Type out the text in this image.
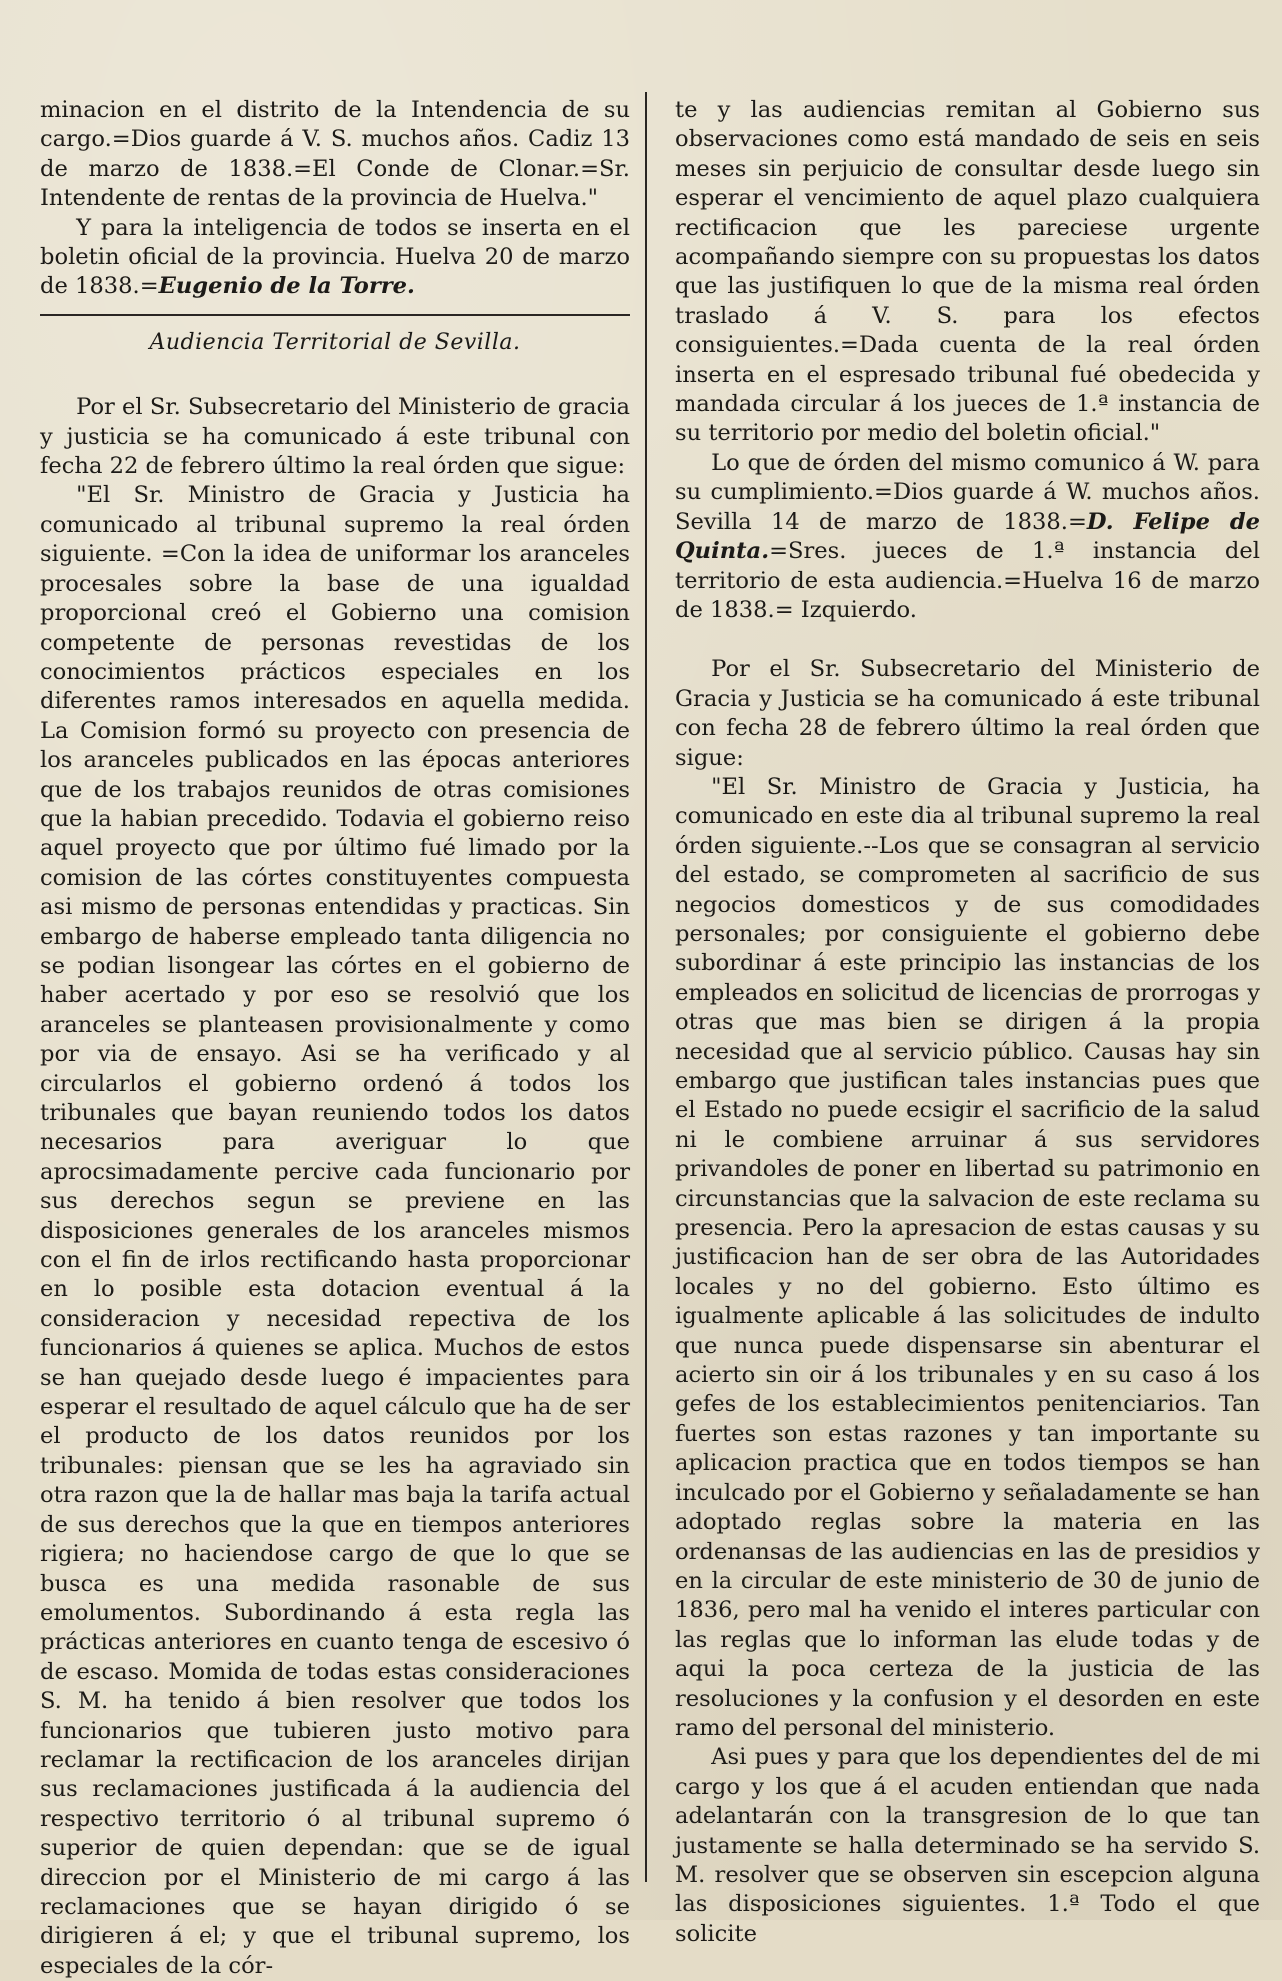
minacion en el distrito de la Intendencia de su cargo.=Dios guarde á V. S. muchos años. Cadiz 13 de marzo de 1838.=El Conde de Clonar.=Sr. Intendente de rentas de la provincia de Huelva."

Y para la inteligencia de todos se inserta en el boletin oficial de la provincia. Huelva 20 de marzo de 1838.=Eugenio de la Torre.

Audiencia Territorial de Sevilla.

Por el Sr. Subsecretario del Ministerio de gracia y justicia se ha comunicado á este tribunal con fecha 22 de febrero último la real órden que sigue:

"El Sr. Ministro de Gracia y Justicia ha comunicado al tribunal supremo la real órden siguiente. =Con la idea de uniformar los aranceles procesales sobre la base de una igualdad proporcional creó el Gobierno una comision competente de personas revestidas de los conocimientos prácticos especiales en los diferentes ramos interesados en aquella medida. La Comision formó su proyecto con presencia de los aranceles publicados en las épocas anteriores que de los trabajos reunidos de otras comisiones que la habian precedido. Todavia el gobierno reiso aquel proyecto que por último fué limado por la comision de las córtes constituyentes compuesta asi mismo de personas entendidas y practicas. Sin embargo de haberse empleado tanta diligencia no se podian lisongear las córtes en el gobierno de haber acertado y por eso se resolvió que los aranceles se planteasen provisionalmente y como por via de ensayo. Asi se ha verificado y al circularlos el gobierno ordenó á todos los tribunales que bayan reuniendo todos los datos necesarios para averiguar lo que aprocsimadamente percive cada funcionario por sus derechos segun se previene en las disposiciones generales de los aranceles mismos con el fin de irlos rectificando hasta proporcionar en lo posible esta dotacion eventual á la consideracion y necesidad repectiva de los funcionarios á quienes se aplica. Muchos de estos se han quejado desde luego é impacientes para esperar el resultado de aquel cálculo que ha de ser el producto de los datos reunidos por los tribunales: piensan que se les ha agraviado sin otra razon que la de hallar mas baja la tarifa actual de sus derechos que la que en tiempos anteriores rigiera; no haciendose cargo de que lo que se busca es una medida rasonable de sus emolumentos. Subordinando á esta regla las prácticas anteriores en cuanto tenga de escesivo ó de escaso. Momida de todas estas consideraciones S. M. ha tenido á bien resolver que todos los funcionarios que tubieren justo motivo para reclamar la rectificacion de los aranceles dirijan sus reclamaciones justificada á la audiencia del respectivo territorio ó al tribunal supremo ó superior de quien dependan: que se de igual direccion por el Ministerio de mi cargo á las reclamaciones que se hayan dirigido ó se dirigieren á el; y que el tribunal supremo, los especiales de la cór-

te y las audiencias remitan al Gobierno sus observaciones como está mandado de seis en seis meses sin perjuicio de consultar desde luego sin esperar el vencimiento de aquel plazo cualquiera rectificacion que les pareciese urgente acompañando siempre con su propuestas los datos que las justifiquen lo que de la misma real órden traslado á V. S. para los efectos consiguientes.=Dada cuenta de la real órden inserta en el espresado tribunal fué obedecida y mandada circular á los jueces de 1.ª instancia de su territorio por medio del boletin oficial."

Lo que de órden del mismo comunico á W. para su cumplimiento.=Dios guarde á W. muchos años. Sevilla 14 de marzo de 1838.=D. Felipe de Quinta.=Sres. jueces de 1.ª instancia del territorio de esta audiencia.=Huelva 16 de marzo de 1838.= Izquierdo.

Por el Sr. Subsecretario del Ministerio de Gracia y Justicia se ha comunicado á este tribunal con fecha 28 de febrero último la real órden que sigue:

"El Sr. Ministro de Gracia y Justicia, ha comunicado en este dia al tribunal supremo la real órden siguiente.--Los que se consagran al servicio del estado, se comprometen al sacrificio de sus negocios domesticos y de sus comodidades personales; por consiguiente el gobierno debe subordinar á este principio las instancias de los empleados en solicitud de licencias de prorrogas y otras que mas bien se dirigen á la propia necesidad que al servicio público. Causas hay sin embargo que justifican tales instancias pues que el Estado no puede ecsigir el sacrificio de la salud ni le combiene arruinar á sus servidores privandoles de poner en libertad su patrimonio en circunstancias que la salvacion de este reclama su presencia. Pero la apresacion de estas causas y su justificacion han de ser obra de las Autoridades locales y no del gobierno. Esto último es igualmente aplicable á las solicitudes de indulto que nunca puede dispensarse sin abenturar el acierto sin oir á los tribunales y en su caso á los gefes de los establecimientos penitenciarios. Tan fuertes son estas razones y tan importante su aplicacion practica que en todos tiempos se han inculcado por el Gobierno y señaladamente se han adoptado reglas sobre la materia en las ordenansas de las audiencias en las de presidios y en la circular de este ministerio de 30 de junio de 1836, pero mal ha venido el interes particular con las reglas que lo informan las elude todas y de aqui la poca certeza de la justicia de las resoluciones y la confusion y el desorden en este ramo del personal del ministerio.

Asi pues y para que los dependientes del de mi cargo y los que á el acuden entiendan que nada adelantarán con la transgresion de lo que tan justamente se halla determinado se ha servido S. M. resolver que se observen sin escepcion alguna las disposiciones siguientes. 1.ª Todo el que solicite
